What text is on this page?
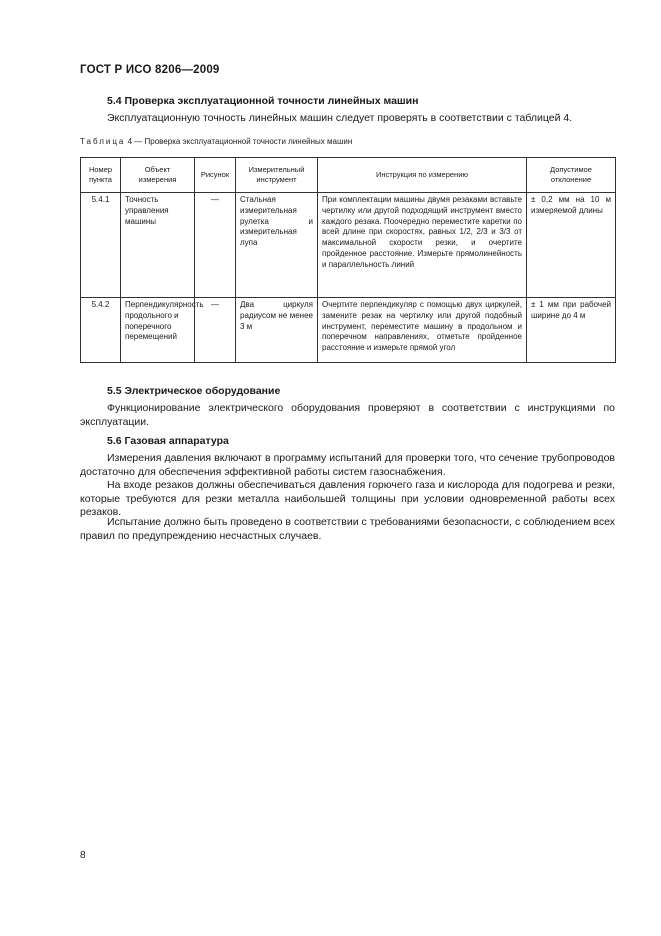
ГОСТ Р ИСО 8206—2009
5.4 Проверка эксплуатационной точности линейных машин
Эксплуатационную точность линейных машин следует проверять в соответствии с таблицей 4.
Таблица 4 — Проверка эксплуатационной точности линейных машин
Номер пункта	Объект измерения	Рисунок	Измерительный инструмент	Инструкция по измерению	Допустимое отклонение
5.4.1	Точность управления машины	—	Стальная измерительная рулетка и измерительная лупа	При комплектации машины двумя резаками вставьте чертилку или другой подходящий инструмент вместо каждого резака. Поочередно переместите каретки по всей длине при скоростях, равных 1/2, 2/3 и 3/3 от максимальной скорости резки, и очертите пройденное расстояние. Измерьте прямолинейность и параллельность линий	± 0,2 мм на 10 м измеряемой длины
5.4.2	Перпендикулярность продольного и поперечного перемещений	—	Два циркуля радиусом не менее 3 м	Очертите перпендикуляр с помощью двух циркулей, замените резак на чертилку или другой подобный инструмент, переместите машину в продольном и поперечном направлениях, отметьте пройденное расстояние и измерьте прямой угол	± 1 мм при рабочей ширине до 4 м
5.5 Электрическое оборудование
Функционирование электрического оборудования проверяют в соответствии с инструкциями по эксплуатации.
5.6 Газовая аппаратура
Измерения давления включают в программу испытаний для проверки того, что сечение трубопроводов достаточно для обеспечения эффективной работы систем газоснабжения.
На входе резаков должны обеспечиваться давления горючего газа и кислорода для подогрева и резки, которые требуются для резки металла наибольшей толщины при условии одновременной работы всех резаков.
Испытание должно быть проведено в соответствии с требованиями безопасности, с соблюдением всех правил по предупреждению несчастных случаев.
8
